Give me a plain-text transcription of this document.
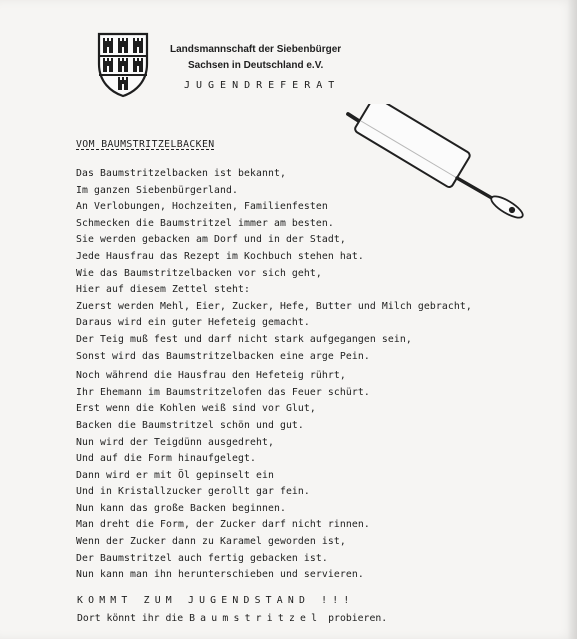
Landsmannschaft der Siebenbürger
Sachsen in Deutschland e.V.
JUGENDREFERAT
VOM BAUMSTRITZELBACKEN
Das Baumstritzelbacken ist bekannt,
Im ganzen Siebenbürgerland.
An Verlobungen, Hochzeiten, Familienfesten
Schmecken die Baumstritzel immer am besten.
Sie werden gebacken am Dorf und in der Stadt,
Jede Hausfrau das Rezept im Kochbuch stehen hat.
Wie das Baumstritzelbacken vor sich geht,
Hier auf diesem Zettel steht:
Zuerst werden Mehl, Eier, Zucker, Hefe, Butter und Milch gebracht,
Daraus wird ein guter Hefeteig gemacht.
Der Teig muß fest und darf nicht stark aufgegangen sein,
Sonst wird das Baumstritzelbacken eine arge Pein.
Noch während die Hausfrau den Hefeteig rührt,
Ihr Ehemann im Baumstritzelofen das Feuer schürt.
Erst wenn die Kohlen weiß sind vor Glut,
Backen die Baumstritzel schön und gut.
Nun wird der Teigdünn ausgedreht,
Und auf die Form hinaufgelegt.
Dann wird er mit Öl gepinselt ein
Und in Kristallzucker gerollt gar fein.
Nun kann das große Backen beginnen.
Man dreht die Form, der Zucker darf nicht rinnen.
Wenn der Zucker dann zu Karamel geworden ist,
Der Baumstritzel auch fertig gebacken ist.
Nun kann man ihn herunterschieben und servieren.
KOMMT ZUM JUGENDSTAND !!!
Dort könnt ihr die Baumstritzel probieren.
